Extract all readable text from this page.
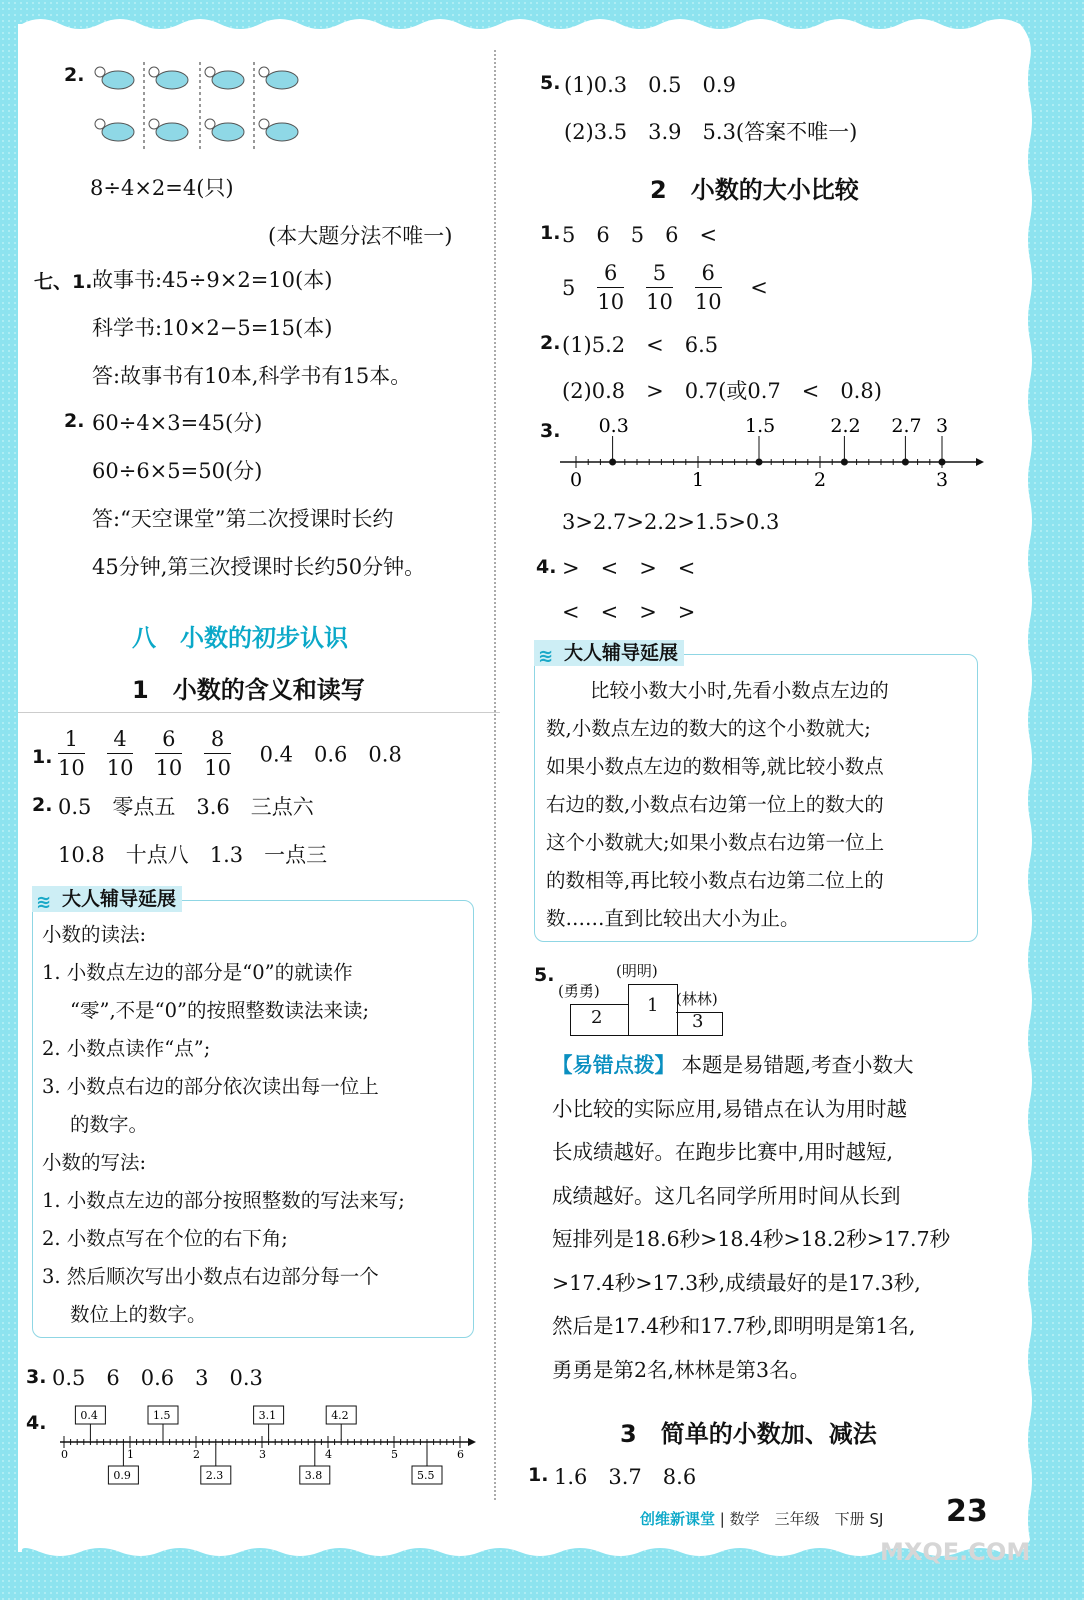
2.
8÷4×2=4(只)
(本大题分法不唯一)
七、1. 故事书:45÷9×2=10(本)
科学书:10×2−5=15(本)
答:故事书有10本,科学书有15本。
2. 60÷4×3=45(分)
60÷6×5=50(分)
答:“天空课堂”第二次授课时长约
45分钟,第三次授课时长约50分钟。
八　小数的初步认识
1　小数的含义和读写
1. $\frac{1}{10} \frac{4}{10} \frac{6}{10} \frac{8}{10} 0.4$　0.6　0.8
2. 0.5　零点五　3.6　三点六
10.8　十点八　1.3　一点三
≋ 大人辅导延展
小数的读法:
1. 小数点左边的部分是“0”的就读作
“零”,不是“0”的按照整数读法来读;
2. 小数点读作“点”;
3. 小数点右边的部分依次读出每一位上
的数字。
小数的写法:
1. 小数点左边的部分按照整数的写法来写;
2. 小数点写在个位的右下角;
3. 然后顺次写出小数点右边部分每一个
数位上的数字。
3. 0.5　6　0.6　3　0.3
4.
0	1	2	3	4	5	6
0.4	1.5	3.1	4.2
0.9	2.3	3.8	5.5
5. (1)0.3　0.5　0.9
(2)3.5　3.9　5.3(答案不唯一)
2　小数的大小比较
1. 5　6　5　6　<
$5 \frac{6}{10} \frac{5}{10} \frac{6}{10}$ <
2. (1)5.2　<　6.5
(2)0.8　>　0.7(或0.7　<　0.8)
3. 0.3	1.5	2.2 2.7 3
0	1	2	3
3>2.7>2.2>1.5>0.3
4. >　<　>　<
<　<　>　>
≋ 大人辅导延展
比较小数大小时,先看小数点左边的
数,小数点左边的数大的这个小数就大;
如果小数点左边的数相等,就比较小数点
右边的数,小数点右边第一位上的数大的
这个小数就大;如果小数点右边第一位上
的数相等,再比较小数点右边第二位上的
数……直到比较出大小为止。
5.	(明明)
(勇勇)	(林林)
2
1
3
【易错点拨】 本题是易错题,考查小数大
小比较的实际应用,易错点在认为用时越
长成绩越好。在跑步比赛中,用时越短,
成绩越好。这几名同学所用时间从长到
短排列是18.6秒>18.4秒>18.2秒>17.7秒
>17.4秒>17.3秒,成绩最好的是17.3秒,
然后是17.4秒和17.7秒,即明明是第1名,
勇勇是第2名,林林是第3名。
3　简单的小数加、减法
1. 1.6　3.7　8.6
创维新课堂 | 数学　 三年级　 下册 SJ 23
MXQE.COM
